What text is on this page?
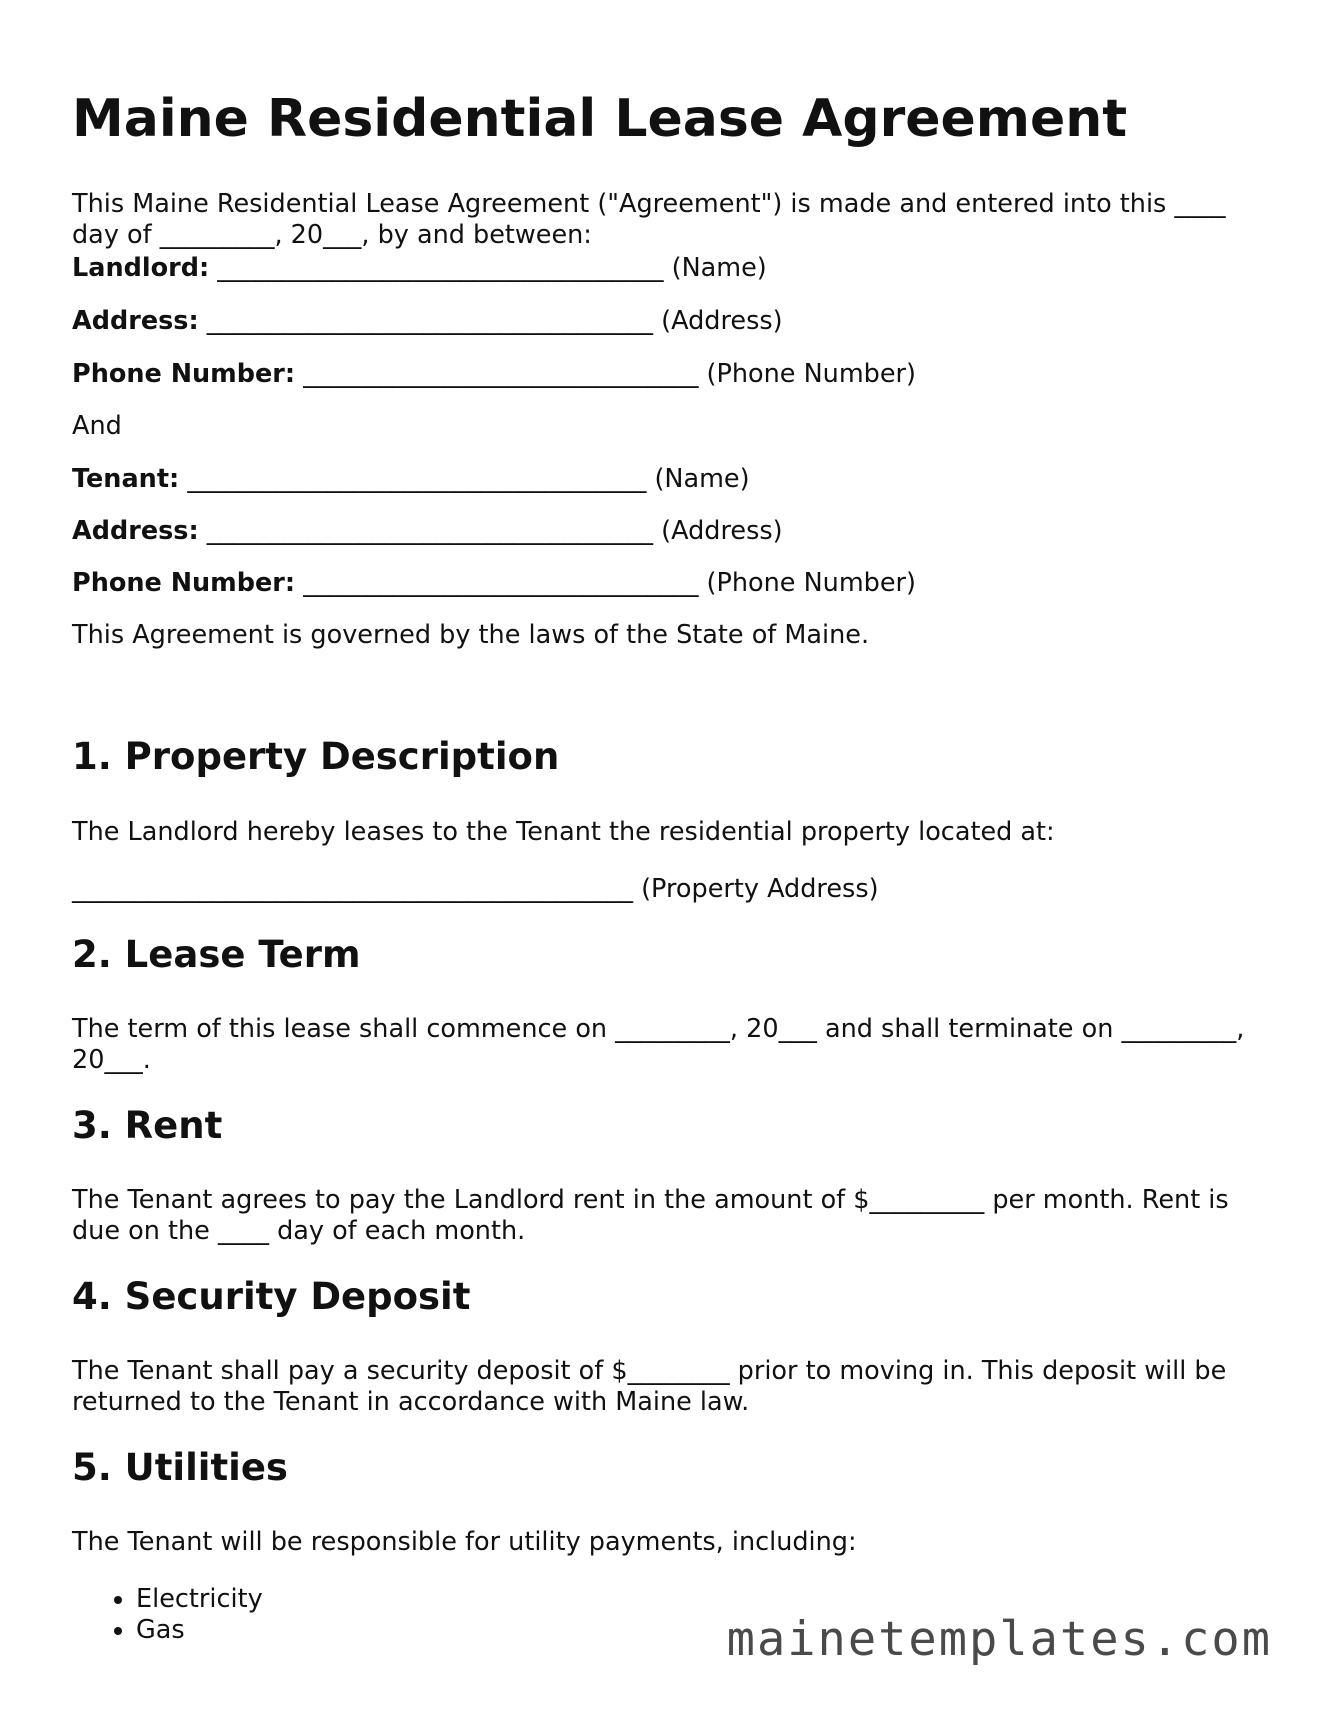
Maine Residential Lease Agreement

This Maine Residential Lease Agreement ("Agreement") is made and entered into this ____ day of _________, 20___, by and between:

Landlord: ___________________________________ (Name)
Address: ___________________________________ (Address)
Phone Number: _______________________________ (Phone Number)
And
Tenant: ____________________________________ (Name)
Address: ___________________________________ (Address)
Phone Number: _______________________________ (Phone Number)
This Agreement is governed by the laws of the State of Maine.
1. Property Description
The Landlord hereby leases to the Tenant the residential property located at:
____________________________________________ (Property Address)
2. Lease Term

The term of this lease shall commence on _________, 20___ and shall terminate on _________, 20___.

3. Rent

The Tenant agrees to pay the Landlord rent in the amount of $_________ per month. Rent is due on the ____ day of each month.

4. Security Deposit

The Tenant shall pay a security deposit of $________ prior to moving in. This deposit will be returned to the Tenant in accordance with Maine law.

5. Utilities
The Tenant will be responsible for utility payments, including:
• Electricity
• Gas	mainetemplates.com
